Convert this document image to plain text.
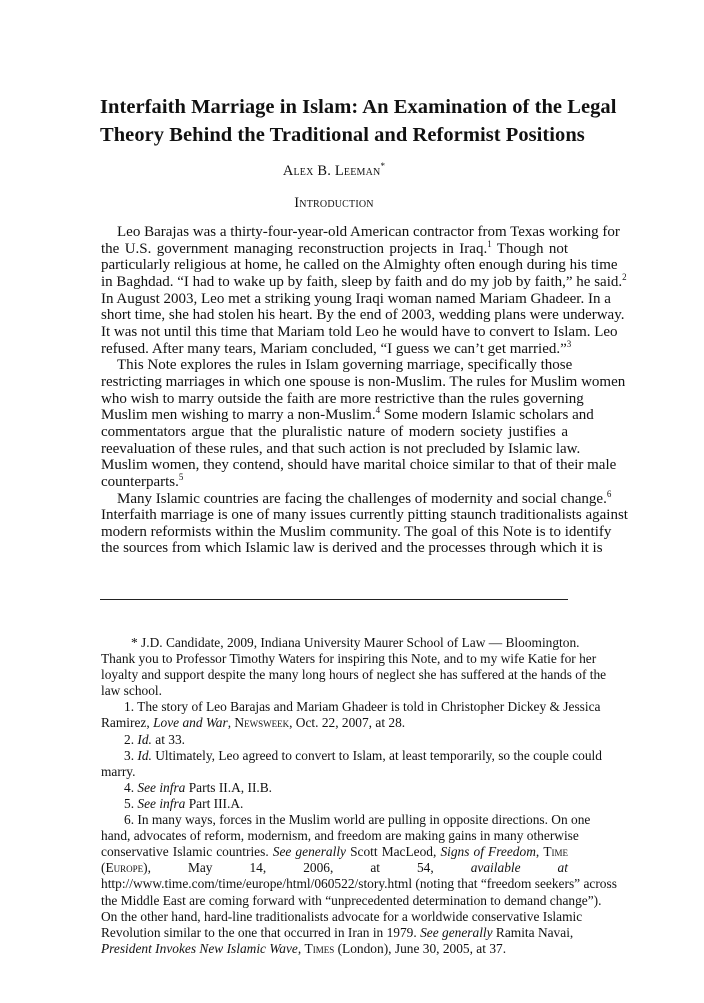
Interfaith Marriage in Islam: An Examination of the Legal
Theory Behind the Traditional and Reformist Positions
Alex B. Leeman*
Introduction
Leo Barajas was a thirty-four-year-old American contractor from Texas working for
the U.S. government managing reconstruction projects in Iraq.$^1$ Though not
particularly religious at home, he called on the Almighty often enough during his time
in Baghdad. “I had to wake up by faith, sleep by faith and do my job by faith,” he said.$^2$
In August 2003, Leo met a striking young Iraqi woman named Mariam Ghadeer. In a
short time, she had stolen his heart. By the end of 2003, wedding plans were underway.
It was not until this time that Mariam told Leo he would have to convert to Islam. Leo
refused. After many tears, Mariam concluded, “I guess we can’t get married.”$^3$
This Note explores the rules in Islam governing marriage, specifically those
restricting marriages in which one spouse is non-Muslim. The rules for Muslim women
who wish to marry outside the faith are more restrictive than the rules governing
Muslim men wishing to marry a non-Muslim.$^4$ Some modern Islamic scholars and
commentators argue that the pluralistic nature of modern society justifies a
reevaluation of these rules, and that such action is not precluded by Islamic law.
Muslim women, they contend, should have marital choice similar to that of their male
counterparts.$^5$
Many Islamic countries are facing the challenges of modernity and social change.$^6$
Interfaith marriage is one of many issues currently pitting staunch traditionalists against
modern reformists within the Muslim community. The goal of this Note is to identify
the sources from which Islamic law is derived and the processes through which it is
* J.D. Candidate, 2009, Indiana University Maurer School of Law — Bloomington.
Thank you to Professor Timothy Waters for inspiring this Note, and to my wife Katie for her
loyalty and support despite the many long hours of neglect she has suffered at the hands of the
law school.
1. The story of Leo Barajas and Mariam Ghadeer is told in Christopher Dickey & Jessica
Ramirez, Love and War, Newsweek, Oct. 22, 2007, at 28.
2. Id. at 33.
3. Id. Ultimately, Leo agreed to convert to Islam, at least temporarily, so the couple could
marry.
4. See infra Parts II.A, II.B.
5. See infra Part III.A.
6. In many ways, forces in the Muslim world are pulling in opposite directions. On one
hand, advocates of reform, modernism, and freedom are making gains in many otherwise
conservative Islamic countries. See generally Scott MacLeod, Signs of Freedom, Time
(Europe),	May	14,	2006,	at	54,	available	at
http://www.time.com/time/europe/html/060522/story.html (noting that “freedom seekers” across
the Middle East are coming forward with “unprecedented determination to demand change”).
On the other hand, hard-line traditionalists advocate for a worldwide conservative Islamic
Revolution similar to the one that occurred in Iran in 1979. See generally Ramita Navai,
President Invokes New Islamic Wave, Times (London), June 30, 2005, at 37.
